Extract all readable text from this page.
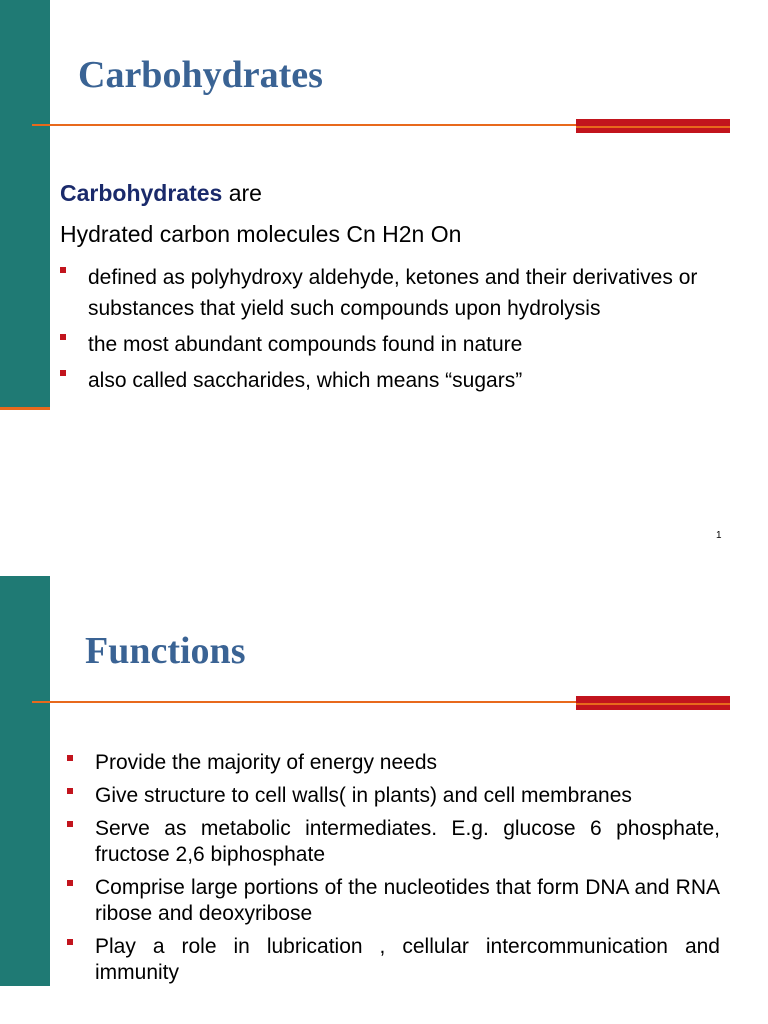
Carbohydrates
Carbohydrates are
Hydrated carbon molecules Cn H2n On
defined as polyhydroxy aldehyde, ketones and their derivatives or substances that yield such compounds upon hydrolysis
the most abundant compounds found in nature
also called saccharides, which means “sugars”
1
Functions
Provide the majority of energy needs
Give structure to cell walls( in plants) and cell membranes
Serve as metabolic intermediates. E.g. glucose 6 phosphate, fructose 2,6 biphosphate
Comprise large portions of the nucleotides that form DNA and RNA ribose and deoxyribose
Play a role in lubrication , cellular intercommunication and immunity
